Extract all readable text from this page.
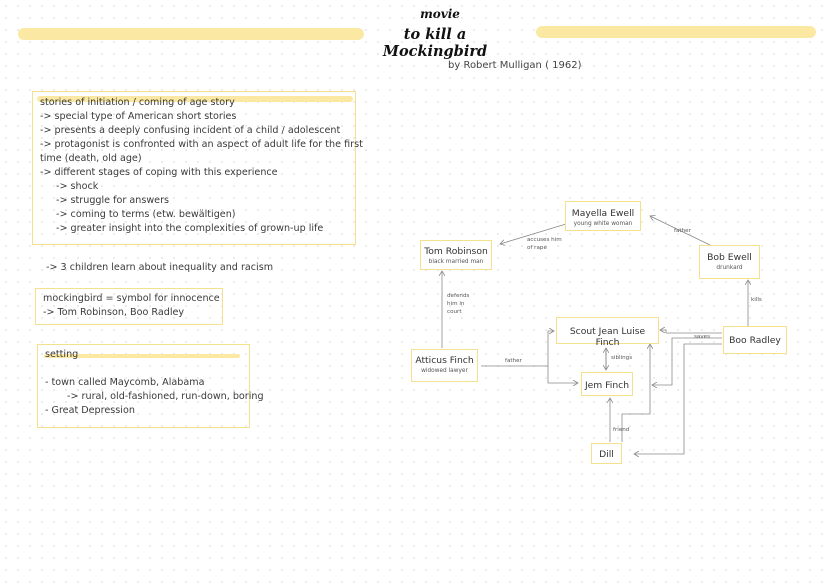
movie
to kill a Mockingbird
by Robert Mulligan ( 1962)
stories of initiation / coming of age story
-> special type of American short stories
-> presents a deeply confusing incident of a child / adolescent
-> protagonist is confronted with an aspect of adult life for the first
time (death, old age)
-> different stages of coping with this experience
-> shock
-> struggle for answers
-> coming to terms (etw. bewältigen)
-> greater insight into the complexities of grown-up life
-> 3 children learn about inequality and racism
mockingbird = symbol for innocence
-> Tom Robinson, Boo Radley
setting
- town called Maycomb, Alabama
-> rural, old-fashioned, run-down, boring
- Great Depression
Mayella Ewell
young white woman
Tom Robinson
black married man	Bob Ewell
drunkard
Scout Jean Luise Finch
Atticus Finch
widowed lawyer
Jem Finch
Boo Radley
Dill
accuses him of rape
father
defends him in court
kills
father	siblings
saves
friend
